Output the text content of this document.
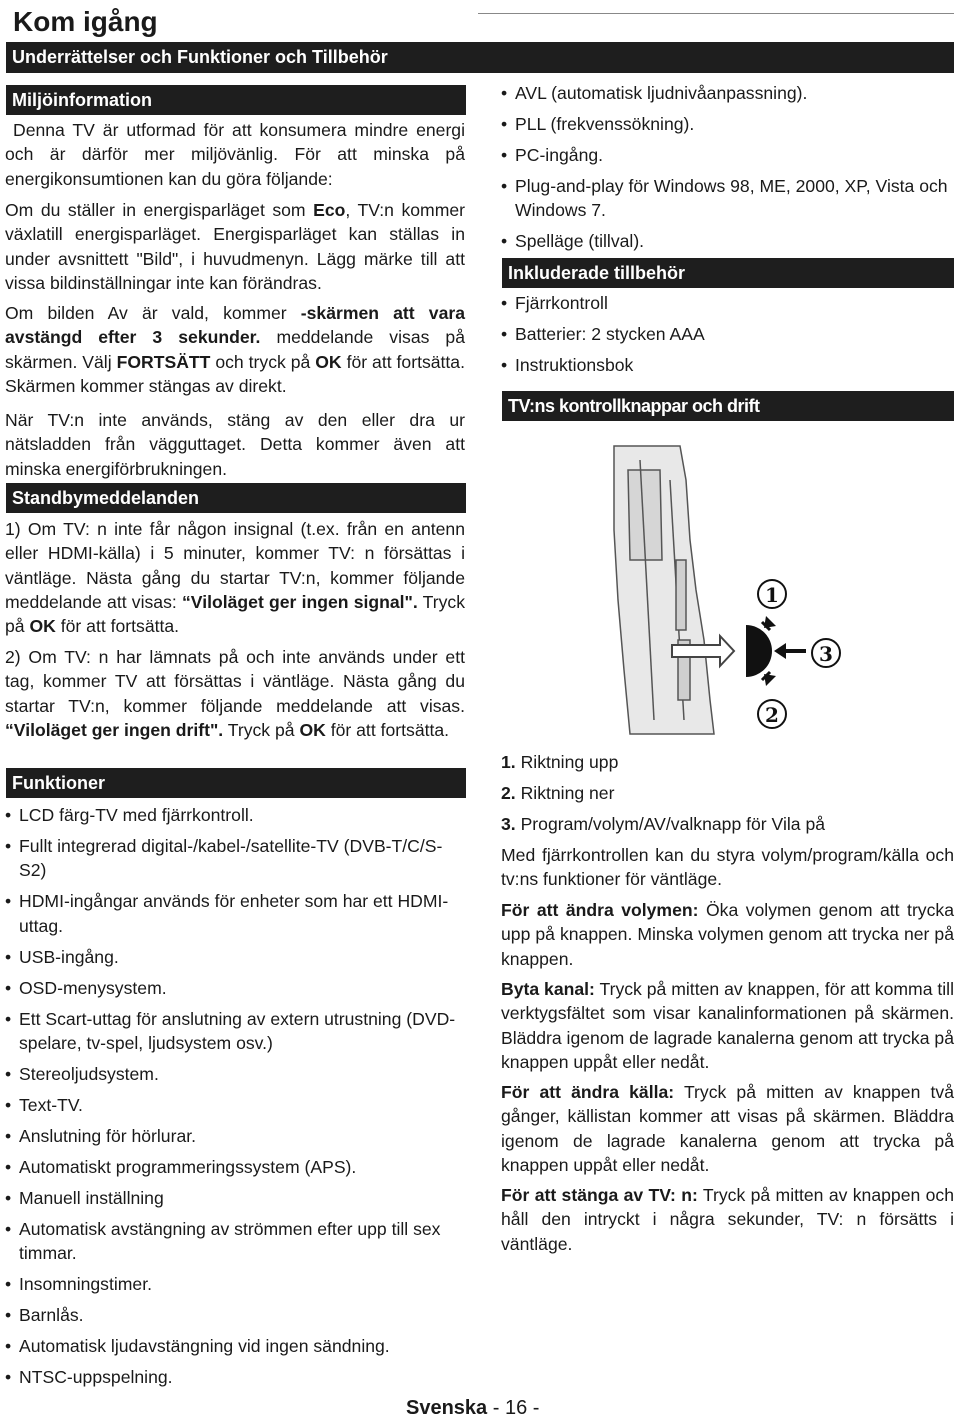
Kom igång
Underrättelser och Funktioner och Tillbehör
Miljöinformation
Denna TV är utformad för att konsumera mindre energi och är därför mer miljövänlig. För att minska på energikonsumtionen kan du göra följande:
Om du ställer in energisparläget som Eco, TV:n kommer växlatill energisparläget. Energisparläget kan ställas in under avsnittett "Bild", i huvudmenyn. Lägg märke till att vissa bildinställningar inte kan förändras.
Om bilden Av är vald, kommer -skärmen att vara avstängd efter 3 sekunder. meddelande visas på skärmen. Välj FORTSÄTT och tryck på OK för att fortsätta. Skärmen kommer stängas av direkt.
När TV:n inte används, stäng av den eller dra ur nätsladden från vägguttaget. Detta kommer även att minska energiförbrukningen.
Standbymeddelanden
1) Om TV: n inte får någon insignal (t.ex. från en antenn eller HDMI-källa) i 5 minuter, kommer TV: n försättas i väntläge. Nästa gång du startar TV:n, kommer följande meddelande att visas: “Viloläget ger ingen signal". Tryck på OK för att fortsätta.
2) Om TV: n har lämnats på och inte används under ett tag, kommer TV att försättas i väntläge. Nästa gång du startar TV:n, kommer följande meddelande att visas. “Viloläget ger ingen drift". Tryck på OK för att fortsätta.
Funktioner
• LCD färg-TV med fjärrkontroll.
• Fullt integrerad digital-/kabel-/satellite-TV (DVB-T/C/S-S2)
• HDMI-ingångar används för enheter som har ett HDMI-uttag.
• USB-ingång.
• OSD-menysystem.
• Ett Scart-uttag för anslutning av extern utrustning (DVD-spelare, tv-spel, ljudsystem osv.)
• Stereoljudsystem.
• Text-TV.
• Anslutning för hörlurar.
• Automatiskt programmeringssystem (APS).
• Manuell inställning
• Automatisk avstängning av strömmen efter upp till sex timmar.
• Insomningstimer.
• Barnlås.
• Automatisk ljudavstängning vid ingen sändning.
• NTSC-uppspelning.
• AVL (automatisk ljudnivåanpassning).
• PLL (frekvenssökning).
• PC-ingång.
• Plug-and-play för Windows 98, ME, 2000, XP, Vista och Windows 7.
• Spelläge (tillval).
Inkluderade tillbehör
• Fjärrkontroll
• Batterier: 2 stycken AAA
• Instruktionsbok
TV:ns kontrollknappar och drift
1
2
3
1. Riktning upp
2. Riktning ner
3. Program/volym/AV/valknapp för Vila på
Med fjärrkontrollen kan du styra volym/program/källa och tv:ns funktioner för väntläge.
För att ändra volymen: Öka volymen genom att trycka upp på knappen. Minska volymen genom att trycka ner på knappen.
Byta kanal: Tryck på mitten av knappen, för att komma till verktygsfältet som visar kanalinformationen på skärmen. Bläddra igenom de lagrade kanalerna genom att trycka på knappen uppåt eller nedåt.
För att ändra källa: Tryck på mitten av knappen två gånger, källistan kommer att visas på skärmen. Bläddra igenom de lagrade kanalerna genom att trycka på knappen uppåt eller nedåt.
För att stänga av TV: n: Tryck på mitten av knappen och håll den intryckt i några sekunder, TV: n försätts i väntläge.
Svenska - 16 -
